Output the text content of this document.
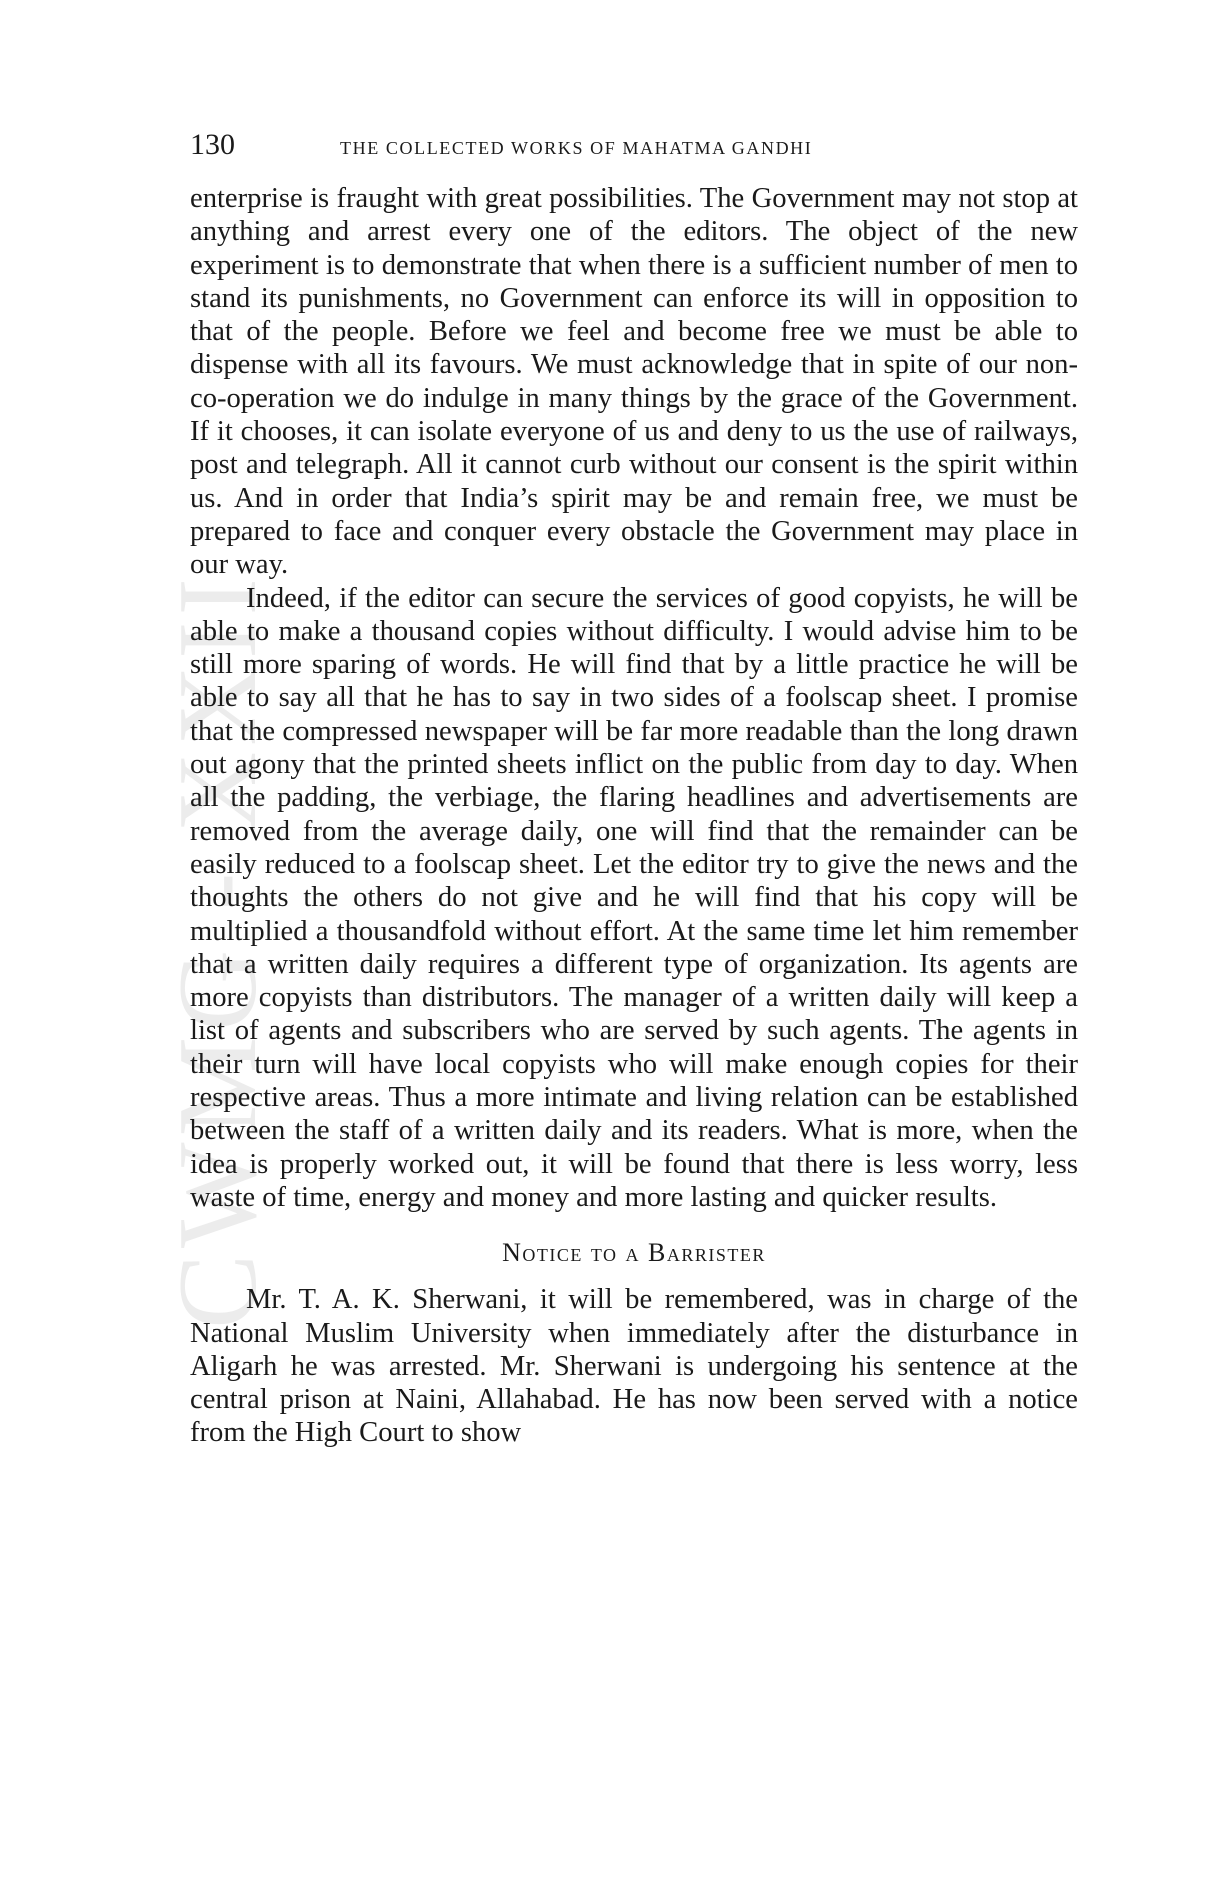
CWMG - XXII
130	THE COLLECTED WORKS OF MAHATMA GANDHI

enterprise is fraught with great possibilities. The Government may not stop at anything and arrest every one of the editors. The object of the new experiment is to demonstrate that when there is a sufficient number of men to stand its punishments, no Government can enforce its will in opposition to that of the people. Before we feel and become free we must be able to dispense with all its favours. We must acknowledge that in spite of our non-co-operation we do indulge in many things by the grace of the Government. If it chooses, it can isolate everyone of us and deny to us the use of railways, post and telegraph. All it cannot curb without our consent is the spirit within us. And in order that India’s spirit may be and remain free, we must be prepared to face and conquer every obstacle the Government may place in our way.

Indeed, if the editor can secure the services of good copyists, he will be able to make a thousand copies without difficulty. I would advise him to be still more sparing of words. He will find that by a little practice he will be able to say all that he has to say in two sides of a foolscap sheet. I promise that the compressed newspaper will be far more readable than the long drawn out agony that the printed sheets inflict on the public from day to day. When all the padding, the verbiage, the flaring headlines and advertisements are removed from the average daily, one will find that the remainder can be easily reduced to a foolscap sheet. Let the editor try to give the news and the thoughts the others do not give and he will find that his copy will be multiplied a thousandfold without effort. At the same time let him remember that a written daily requires a different type of organization. Its agents are more copyists than distributors. The manager of a written daily will keep a list of agents and subscribers who are served by such agents. The agents in their turn will have local copyists who will make enough copies for their respective areas. Thus a more intimate and living relation can be established between the staff of a written daily and its readers. What is more, when the idea is properly worked out, it will be found that there is less worry, less waste of time, energy and money and more lasting and quicker results.

Notice to a Barrister

Mr. T. A. K. Sherwani, it will be remembered, was in charge of the National Muslim University when immediately after the disturbance in Aligarh he was arrested. Mr. Sherwani is undergoing his sentence at the central prison at Naini, Allahabad. He has now been served with a notice from the High Court to show
